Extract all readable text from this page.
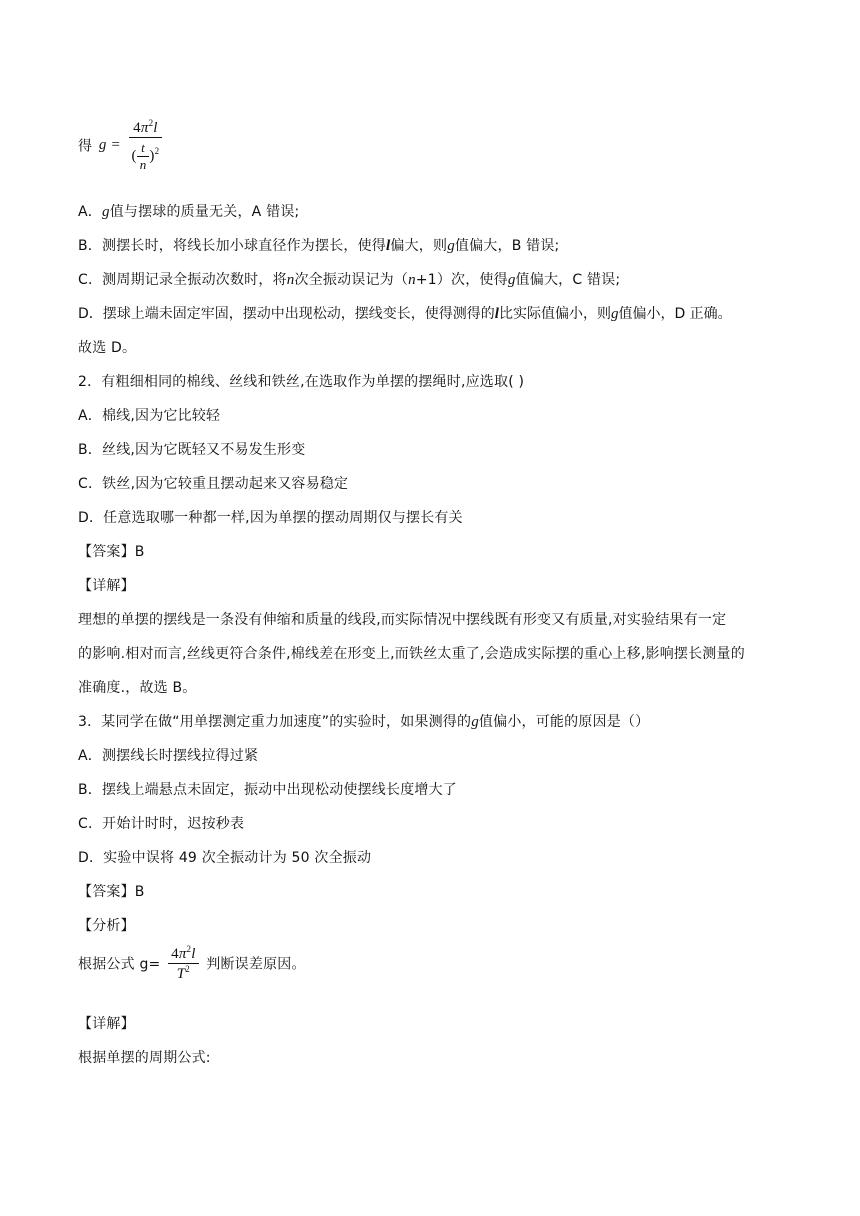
得 $g = \frac{4\pi^2l}{( \frac{t}{n} )^2}$
A．g值与摆球的质量无关，A 错误;
B．测摆长时，将线长加小球直径作为摆长，使得l偏大，则g值偏大，B 错误;
C．测周期记录全振动次数时，将n次全振动误记为（n+1）次，使得g值偏大，C 错误;
D．摆球上端未固定牢固，摆动中出现松动，摆线变长，使得测得的l比实际值偏小，则g值偏小，D 正确。
故选 D。
2．有粗细相同的棉线、丝线和铁丝,在选取作为单摆的摆绳时,应选取( )
A．棉线,因为它比较轻
B．丝线,因为它既轻又不易发生形变
C．铁丝,因为它较重且摆动起来又容易稳定
D．任意选取哪一种都一样,因为单摆的摆动周期仅与摆长有关
【答案】B
【详解】
理想的单摆的摆线是一条没有伸缩和质量的线段,而实际情况中摆线既有形变又有质量,对实验结果有一定
的影响.相对而言,丝线更符合条件,棉线差在形变上,而铁丝太重了,会造成实际摆的重心上移,影响摆长测量的
准确度.，故选 B。
3．某同学在做“用单摆测定重力加速度”的实验时，如果测得的g值偏小，可能的原因是（）
A．测摆线长时摆线拉得过紧
B．摆线上端悬点未固定，振动中出现松动使摆线长度增大了
C．开始计时时，迟按秒表
D．实验中误将 49 次全振动计为 50 次全振动
【答案】B
【分析】
根据公式 $g= \frac{4\pi^2l}{T^2}$ 判断误差原因。
【详解】
根据单摆的周期公式:
